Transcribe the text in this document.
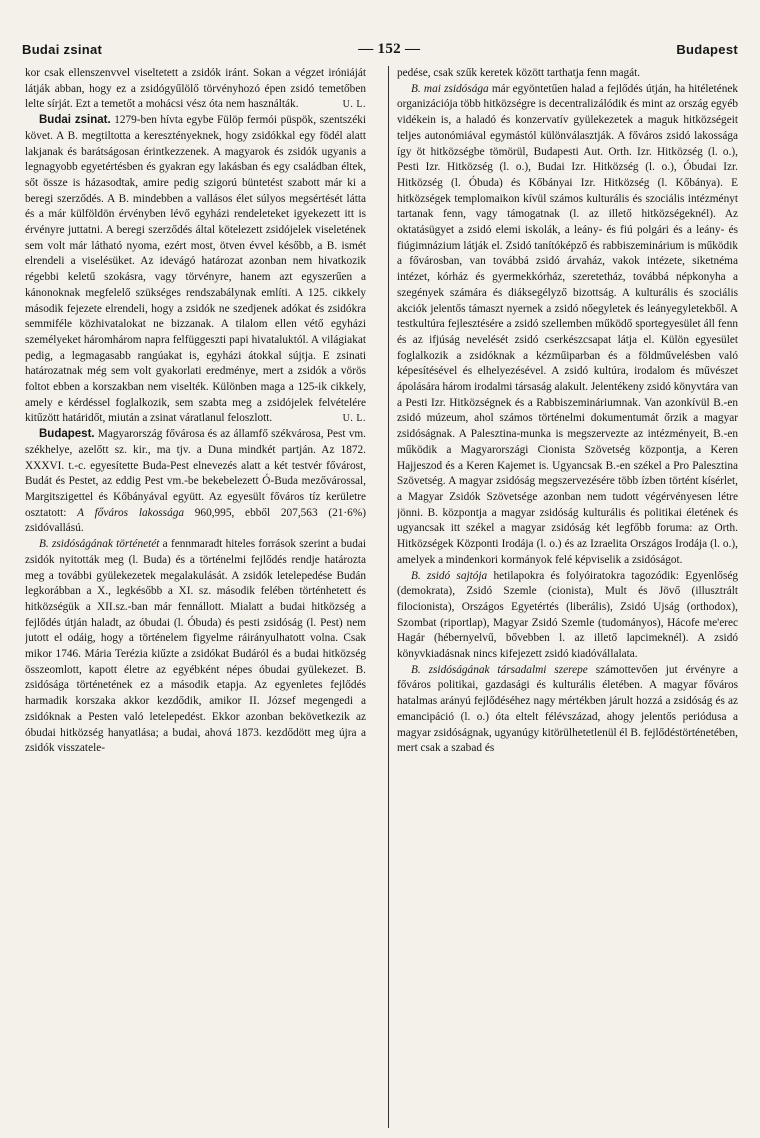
Budai zsinat	— 152 —	Budapest

kor csak ellenszenvvel viseltetett a zsidók iránt. Sokan a végzet iróniáját látják abban, hogy ez a zsidógyűlölő törvényhozó épen zsidó temetőben lelte sírját. Ezt a temetőt a mohácsi vész óta nem használták.	U. L.

Budai zsinat. 1279-ben hívta egybe Fülöp fermói püspök, szentszéki követ. A B. megtiltotta a keresztényeknek, hogy zsidókkal egy födél alatt lakjanak és barátságosan érintkezzenek. A magyarok és zsidók ugyanis a legnagyobb egyetértésben és gyakran egy lakásban és egy családban éltek, sőt össze is házasodtak, amire pedig szigorú büntetést szabott már ki a beregi szerződés. A B. mindebben a vallásos élet súlyos megsértését látta és a már külföldön érvényben lévő egyházi rendeleteket igyekezett itt is érvényre juttatni. A beregi szerződés által kötelezett zsidójelek viseletének sem volt már látható nyoma, ezért most, ötven évvel később, a B. ismét elrendeli a viselésüket. Az idevágó határozat azonban nem hivatkozik régebbi keletű szokásra, vagy törvényre, hanem azt egyszerűen a kánonoknak megfelelő szükséges rendszabálynak említi. A 125. cikkely második fejezete elrendeli, hogy a zsidók ne szedjenek adókat és zsidókra semmiféle közhivatalokat ne bizzanak. A tilalom ellen vétő egyházi személyeket háromhárom napra felfüggeszti papi hivataluktól. A világiakat pedig, a legmagasabb rangúakat is, egyházi átokkal sújtja. E zsinati határozatnak még sem volt gyakorlati eredménye, mert a zsidók a vörös foltot ebben a korszakban nem viselték. Különben maga a 125-ik cikkely, amely e kérdéssel foglalkozik, sem szabta meg a zsidójelek felvételére kitűzött határidőt, miután a zsinat váratlanul feloszlott.	U. L.

Budapest. Magyarország fővárosa és az államfő székvárosa, Pest vm. székhelye, azelőtt sz. kir., ma tjv. a Duna mindkét partján. Az 1872. XXXVI. t.-c. egyesítette Buda-Pest elnevezés alatt a két testvér fővárost, Budát és Pestet, az eddig Pest vm.-be bekebelezett Ó-Buda mezővárossal, Margitszigettel és Kőbányával együtt. Az egyesült főváros tíz kerületre osztatott: A főváros lakossága 960,995, ebből 207,563 (21·6%) zsidóvallású.

B. zsidóságának történetét a fennmaradt hiteles források szerint a budai zsidók nyitották meg (l. Buda) és a történelmi fejlődés rendje határozta meg a további gyülekezetek megalakulását. A zsidók letelepedése Budán legkorábban a X., legkésőbb a XI. sz. második felében történhetett és hitközségük a XII.sz.-ban már fennállott. Mialatt a budai hitközség a fejlődés útján haladt, az óbudai (l. Óbuda) és pesti zsidóság (l. Pest) nem jutott el odáig, hogy a történelem figyelme ráirányulhatott volna. Csak mikor 1746. Mária Terézia kiűzte a zsidókat Budáról és a budai hitközség összeomlott, kapott életre az egyébként népes óbudai gyülekezet. B. zsidósága történetének ez a második etapja. Az egyenletes fejlődés harmadik korszaka akkor kezdődik, amikor II. József megengedi a zsidóknak a Pesten való letelepedést. Ekkor azonban bekövetkezik az óbudai hitközség hanyatlása; a budai, ahová 1873. kezdődött meg újra a zsidók visszatele-

pedése, csak szűk keretek között tarthatja fenn magát.

B. mai zsidósága már egyöntetűen halad a fejlődés útján, ha hitéletének organizációja több hitközségre is decentralizálódik és mint az ország egyéb vidékein is, a haladó és konzervatív gyülekezetek a maguk hitközségeit teljes autonómiával egymástól különválasztják. A főváros zsidó lakossága így öt hitközségbe tömörül, Budapesti Aut. Orth. Izr. Hitközség (l. o.), Pesti Izr. Hitközség (l. o.), Budai Izr. Hitközség (l. o.), Óbudai Izr. Hitközség (l. Óbuda) és Kőbányai Izr. Hitközség (l. Kőbánya). E hitközségek templomaikon kívül számos kulturális és szociális intézményt tartanak fenn, vagy támogatnak (l. az illető hitközségeknél). Az oktatásügyet a zsidó elemi iskolák, a leány- és fiú polgári és a leány- és fiúgimnázium látják el. Zsidó tanítóképző és rabbiszeminárium is működik a fővárosban, van továbbá zsidó árvaház, vakok intézete, siketnéma intézet, kórház és gyermekkórház, szeretetház, továbbá népkonyha a szegények számára és diáksegélyző bizottság. A kulturális és szociális akciók jelentős támaszt nyernek a zsidó nőegyletek és leányegyletekből. A testkultúra fejlesztésére a zsidó szellemben működő sportegyesület áll fenn és az ifjúság nevelését zsidó cserkészcsapat látja el. Külön egyesület foglalkozik a zsidóknak a kézműiparban és a földművelésben való képesítésével és elhelyezésével. A zsidó kultúra, irodalom és művészet ápolására három irodalmi társaság alakult. Jelentékeny zsidó könyvtára van a Pesti Izr. Hitközségnek és a Rabbiszemináriumnak. Van azonkívül B.-en zsidó múzeum, ahol számos történelmi dokumentumát őrzik a magyar zsidóságnak. A Palesztina-munka is megszervezte az intézményeit, B.-en működik a Magyarországi Cionista Szövetség központja, a Keren Hajjeszod és a Keren Kajemet is. Ugyancsak B.-en székel a Pro Palesztina Szövetség. A magyar zsidóság megszervezésére több ízben történt kísérlet, a Magyar Zsidók Szövetsége azonban nem tudott végérvényesen létre jönni. B. központja a magyar zsidóság kulturális és politikai életének és ugyancsak itt székel a magyar zsidóság két legfőbb foruma: az Orth. Hitközségek Központi Irodája (l. o.) és az Izraelita Országos Irodája (l. o.), amelyek a mindenkori kormányok felé képviselik a zsidóságot.

B. zsidó sajtója hetilapokra és folyóiratokra tagozódik: Egyenlőség (demokrata), Zsidó Szemle (cionista), Mult és Jövő (illusztrált filocionista), Országos Egyetértés (liberális), Zsidó Ujság (orthodox), Szombat (riportlap), Magyar Zsidó Szemle (tudományos), Hácofe me'erec Hagár (hébernyelvű, bővebben l. az illető lapcimeknél). A zsidó könyvkiadásnak nincs kifejezett zsidó kiadóvállalata.

B. zsidóságának társadalmi szerepe számottevően jut érvényre a főváros politikai, gazdasági és kulturális életében. A magyar főváros hatalmas arányú fejlődéséhez nagy mértékben járult hozzá a zsidóság és az emancipáció (l. o.) óta eltelt félévszázad, ahogy jelentős periódusa a magyar zsidóságnak, ugyanúgy kitörülhetetlenül él B. fejlődéstörténetében, mert csak a szabad és
